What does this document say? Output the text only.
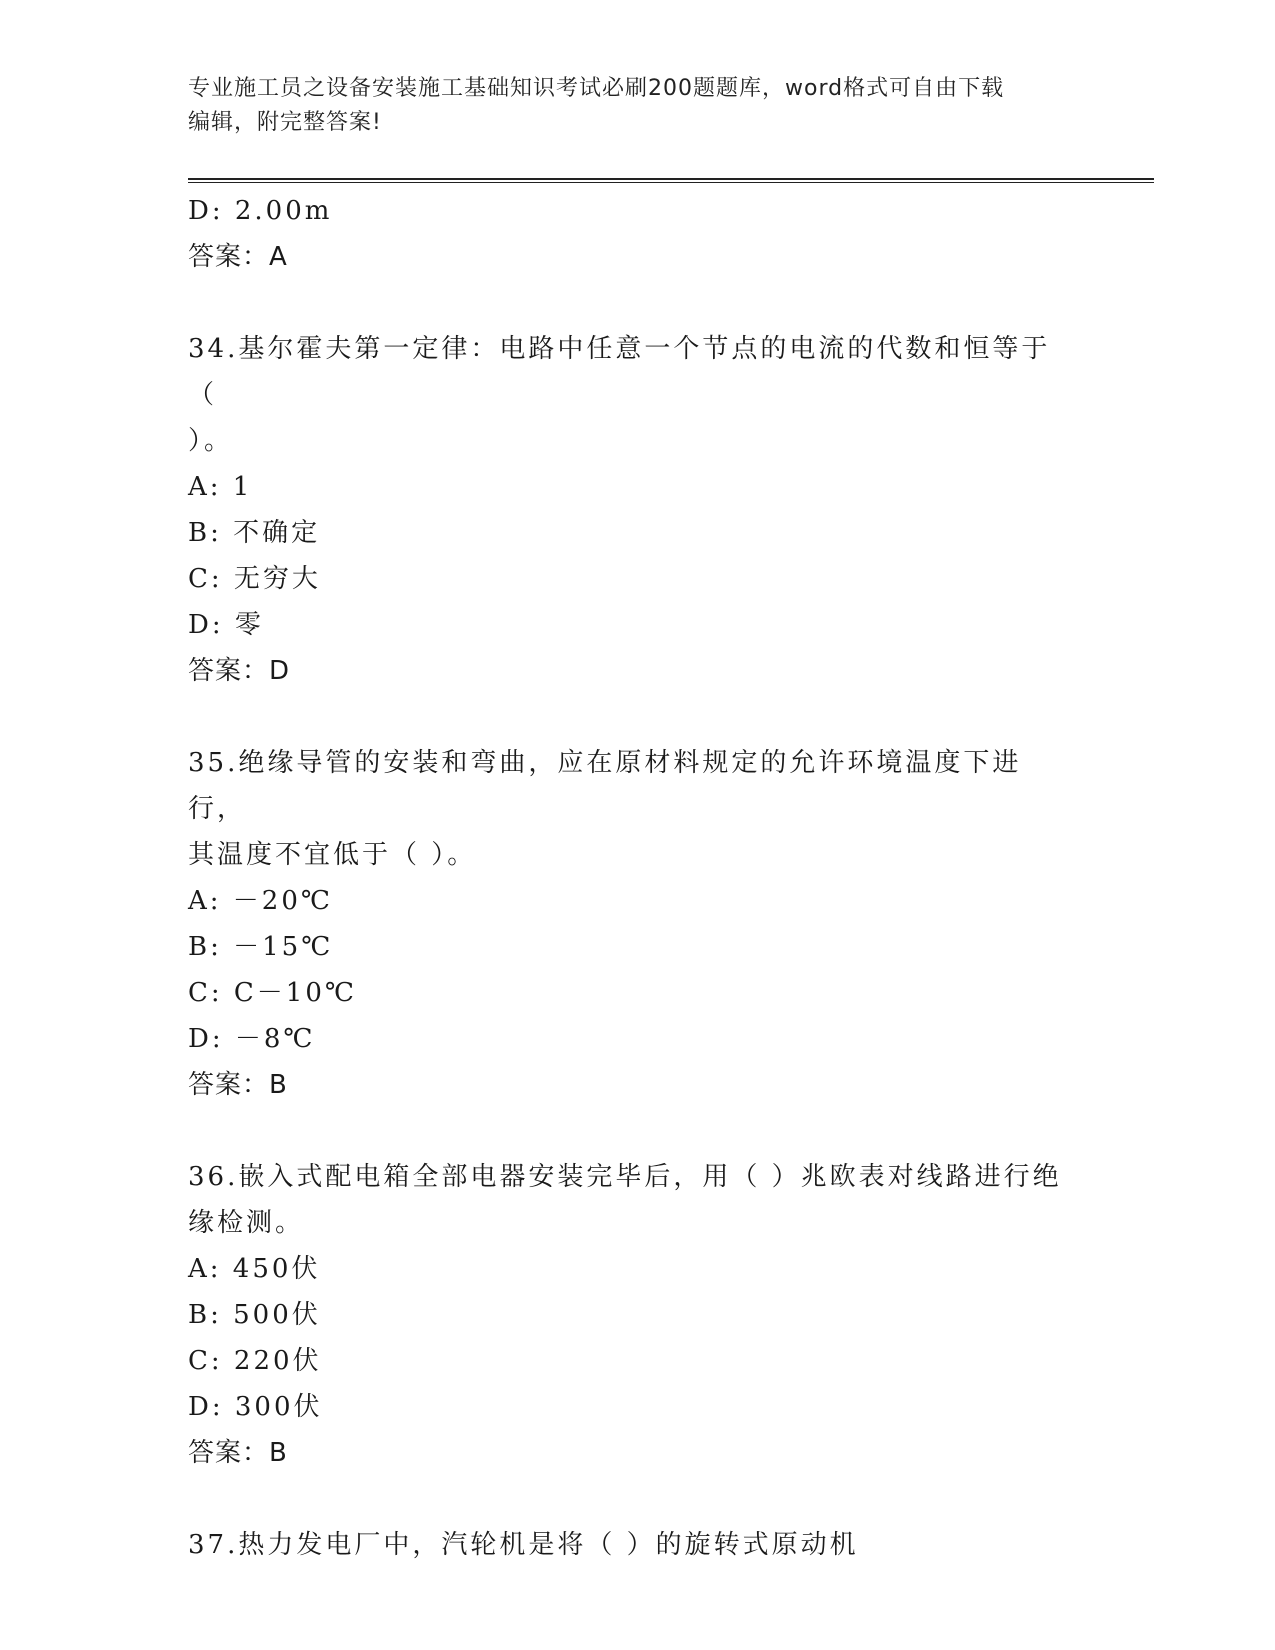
专业施工员之设备安装施工基础知识考试必刷200题题库，word格式可自由下载
编辑，附完整答案!
D: 2.00m
答案：A
34.基尔霍夫第一定律：电路中任意一个节点的电流的代数和恒等于（
）。
A: 1
B: 不确定
C: 无穷大
D: 零
答案：D
35.绝缘导管的安装和弯曲，应在原材料规定的允许环境温度下进行，
其温度不宜低于（ ）。
A: －20℃
B: －15℃
C: C－10℃
D: －8℃
答案：B
36.嵌入式配电箱全部电器安装完毕后，用（ ）兆欧表对线路进行绝
缘检测。
A: 450伏
B: 500伏
C: 220伏
D: 300伏
答案：B
37.热力发电厂中，汽轮机是将（ ）的旋转式原动机
